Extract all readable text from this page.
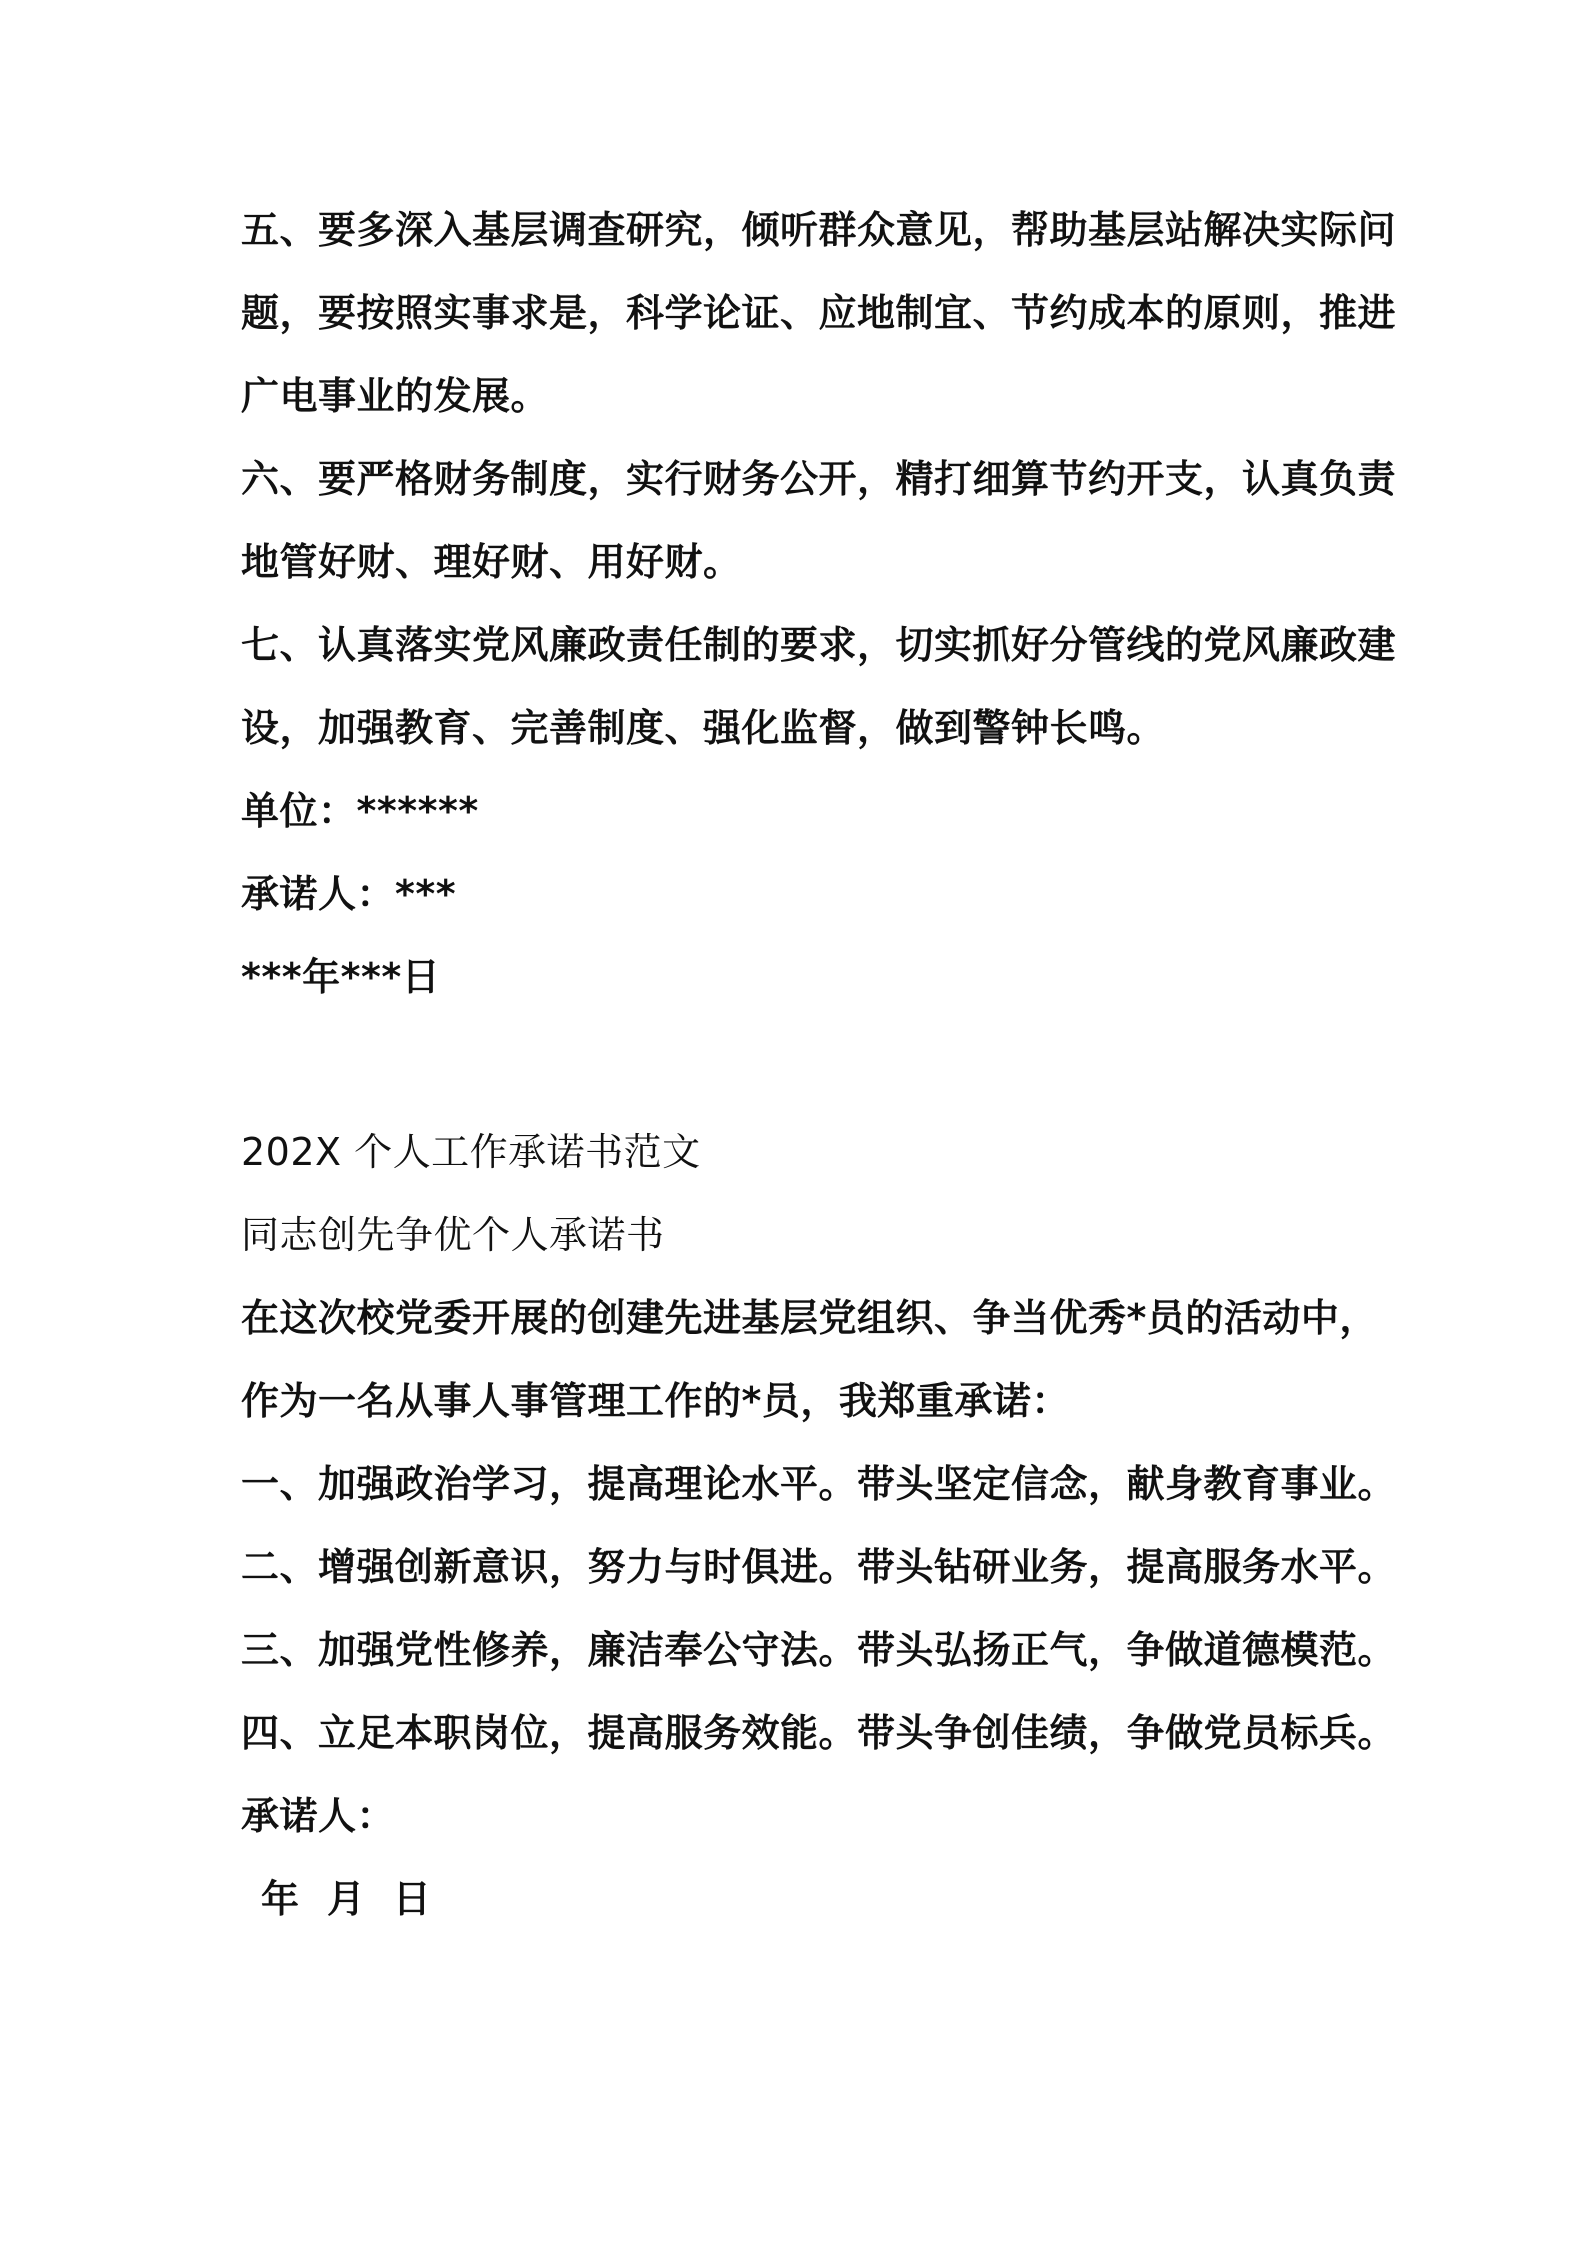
五、要多深入基层调查研究，倾听群众意见，帮助基层站解决实际问
题，要按照实事求是，科学论证、应地制宜、节约成本的原则，推进
广电事业的发展。
六、要严格财务制度，实行财务公开，精打细算节约开支，认真负责
地管好财、理好财、用好财。
七、认真落实党风廉政责任制的要求，切实抓好分管线的党风廉政建
设，加强教育、完善制度、强化监督，做到警钟长鸣。
单位：******
承诺人：***
***年***日
202X 个人工作承诺书范文
同志创先争优个人承诺书
在这次校党委开展的创建先进基层党组织、争当优秀*员的活动中，
作为一名从事人事管理工作的*员，我郑重承诺：
一、加强政治学习，提高理论水平。带头坚定信念，献身教育事业。
二、增强创新意识，努力与时俱进。带头钻研业务，提高服务水平。
三、加强党性修养，廉洁奉公守法。带头弘扬正气，争做道德模范。
四、立足本职岗位，提高服务效能。带头争创佳绩，争做党员标兵。
承诺人：
年  月  日
